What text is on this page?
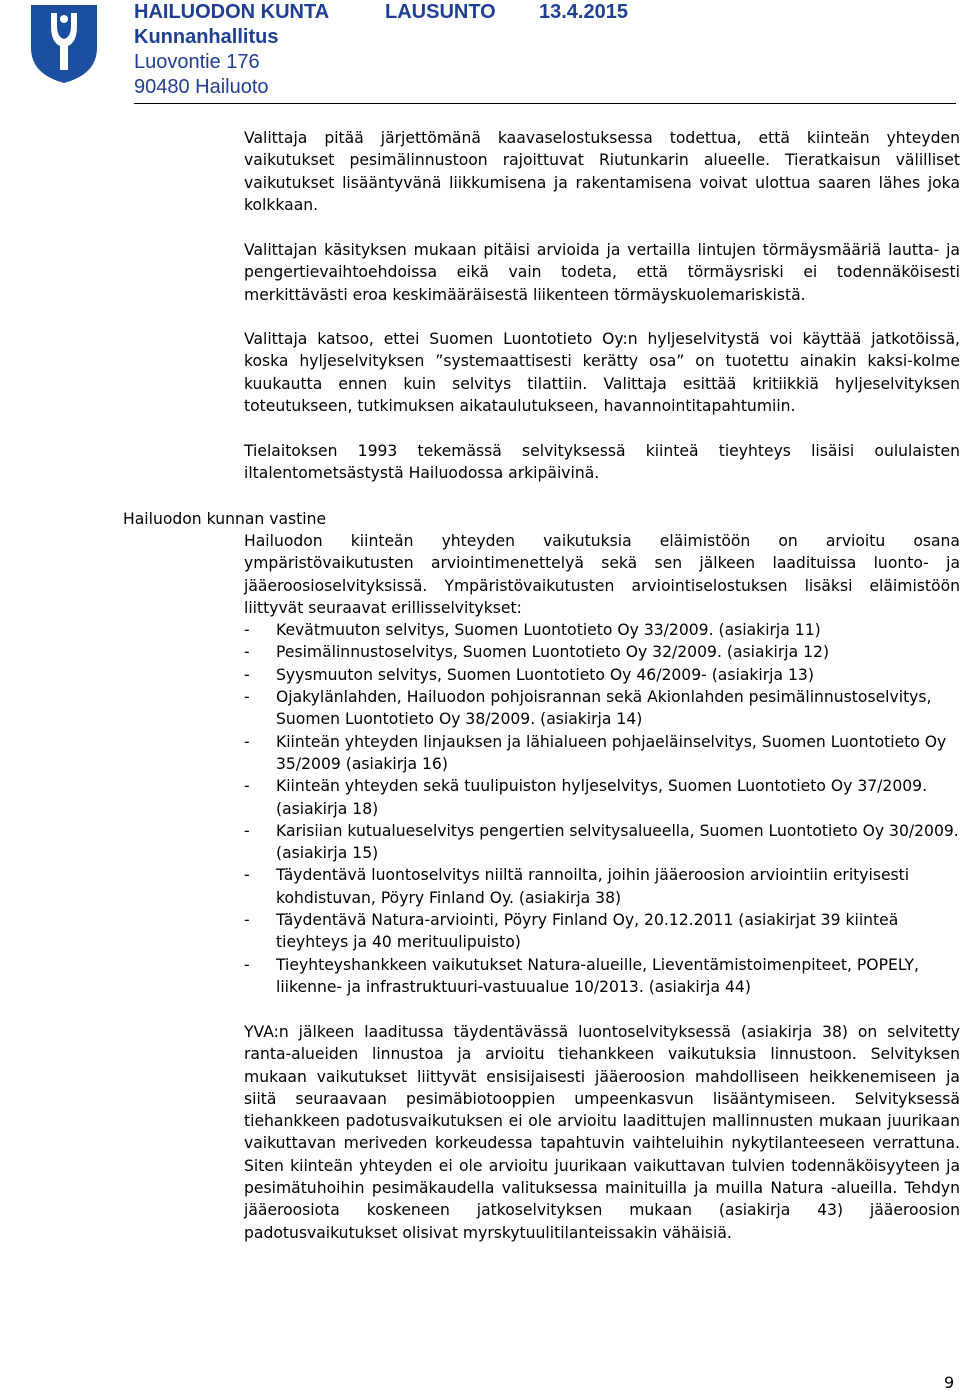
HAILUODON KUNTA	LAUSUNTO 13.4.2015
Kunnanhallitus
Luovontie 176
90480 Hailuoto

Valittaja pitää järjettömänä kaavaselostuksessa todettua, että kiinteän yhteyden vaikutukset pesimälinnustoon rajoittuvat Riutunkarin alueelle. Tieratkaisun välilliset vaikutukset lisääntyvänä liikkumisena ja rakentamisena voivat ulottua saaren lähes joka kolkkaan.

Valittajan käsityksen mukaan pitäisi arvioida ja vertailla lintujen törmäysmääriä lautta- ja pengertievaihtoehdoissa eikä vain todeta, että törmäysriski ei todennäköisesti merkittävästi eroa keskimääräisestä liikenteen törmäyskuolemariskistä.

Valittaja katsoo, ettei Suomen Luontotieto Oy:n hyljeselvitystä voi käyttää jatkotöissä, koska hyljeselvityksen ”systemaattisesti kerätty osa” on tuotettu ainakin kaksi-kolme kuukautta ennen kuin selvitys tilattiin. Valittaja esittää kritiikkiä hyljeselvityksen toteutukseen, tutkimuksen aikataulutukseen, havannointitapahtumiin.

Tielaitoksen 1993 tekemässä selvityksessä kiinteä tieyhteys lisäisi oululaisten iltalentometsästystä Hailuodossa arkipäivinä.

Hailuodon kunnan vastine

Hailuodon kiinteän yhteyden vaikutuksia eläimistöön on arvioitu osana ympäristövaikutusten arviointimenettelyä sekä sen jälkeen laadituissa luonto- ja jääeroosioselvityksissä. Ympäristövaikutusten arviointiselostuksen lisäksi eläimistöön liittyvät seuraavat erillisselvitykset:

- Kevätmuuton selvitys, Suomen Luontotieto Oy 33/2009. (asiakirja 11)
- Pesimälinnustoselvitys, Suomen Luontotieto Oy 32/2009. (asiakirja 12)
- Syysmuuton selvitys, Suomen Luontotieto Oy 46/2009- (asiakirja 13)
- Ojakylänlahden, Hailuodon pohjoisrannan sekä Akionlahden pesimälinnustoselvitys, Suomen Luontotieto Oy 38/2009. (asiakirja 14)
- Kiinteän yhteyden linjauksen ja lähialueen pohjaeläinselvitys, Suomen Luontotieto Oy 35/2009 (asiakirja 16)
- Kiinteän yhteyden sekä tuulipuiston hyljeselvitys, Suomen Luontotieto Oy 37/2009. (asiakirja 18)
- Karisiian kutualueselvitys pengertien selvitysalueella, Suomen Luontotieto Oy 30/2009. (asiakirja 15)
- Täydentävä luontoselvitys niiltä rannoilta, joihin jääeroosion arviointiin erityisesti kohdistuvan, Pöyry Finland Oy. (asiakirja 38)
- Täydentävä Natura-arviointi, Pöyry Finland Oy, 20.12.2011 (asiakirjat 39 kiinteä tieyhteys ja 40 merituulipuisto)
- Tieyhteyshankkeen vaikutukset Natura-alueille, Lieventämistoimenpiteet, POPELY, liikenne- ja infrastruktuuri-vastuualue 10/2013. (asiakirja 44)

YVA:n jälkeen laaditussa täydentävässä luontoselvityksessä (asiakirja 38) on selvitetty ranta-alueiden linnustoa ja arvioitu tiehankkeen vaikutuksia linnustoon. Selvityksen mukaan vaikutukset liittyvät ensisijaisesti jääeroosion mahdolliseen heikkenemiseen ja siitä seuraavaan pesimäbiotooppien umpeenkasvun lisääntymiseen. Selvityksessä tiehankkeen padotusvaikutuksen ei ole arvioitu laadittujen mallinnusten mukaan juurikaan vaikuttavan meriveden korkeudessa tapahtuvin vaihteluihin nykytilanteeseen verrattuna. Siten kiinteän yhteyden ei ole arvioitu juurikaan vaikuttavan tulvien todennäköisyyteen ja pesimätuhoihin pesimäkaudella valituksessa mainituilla ja muilla Natura -alueilla. Tehdyn jääeroosiota koskeneen jatkoselvityksen mukaan (asiakirja 43) jääeroosion padotusvaikutukset olisivat myrskytuulitilanteissakin vähäisiä.

9
